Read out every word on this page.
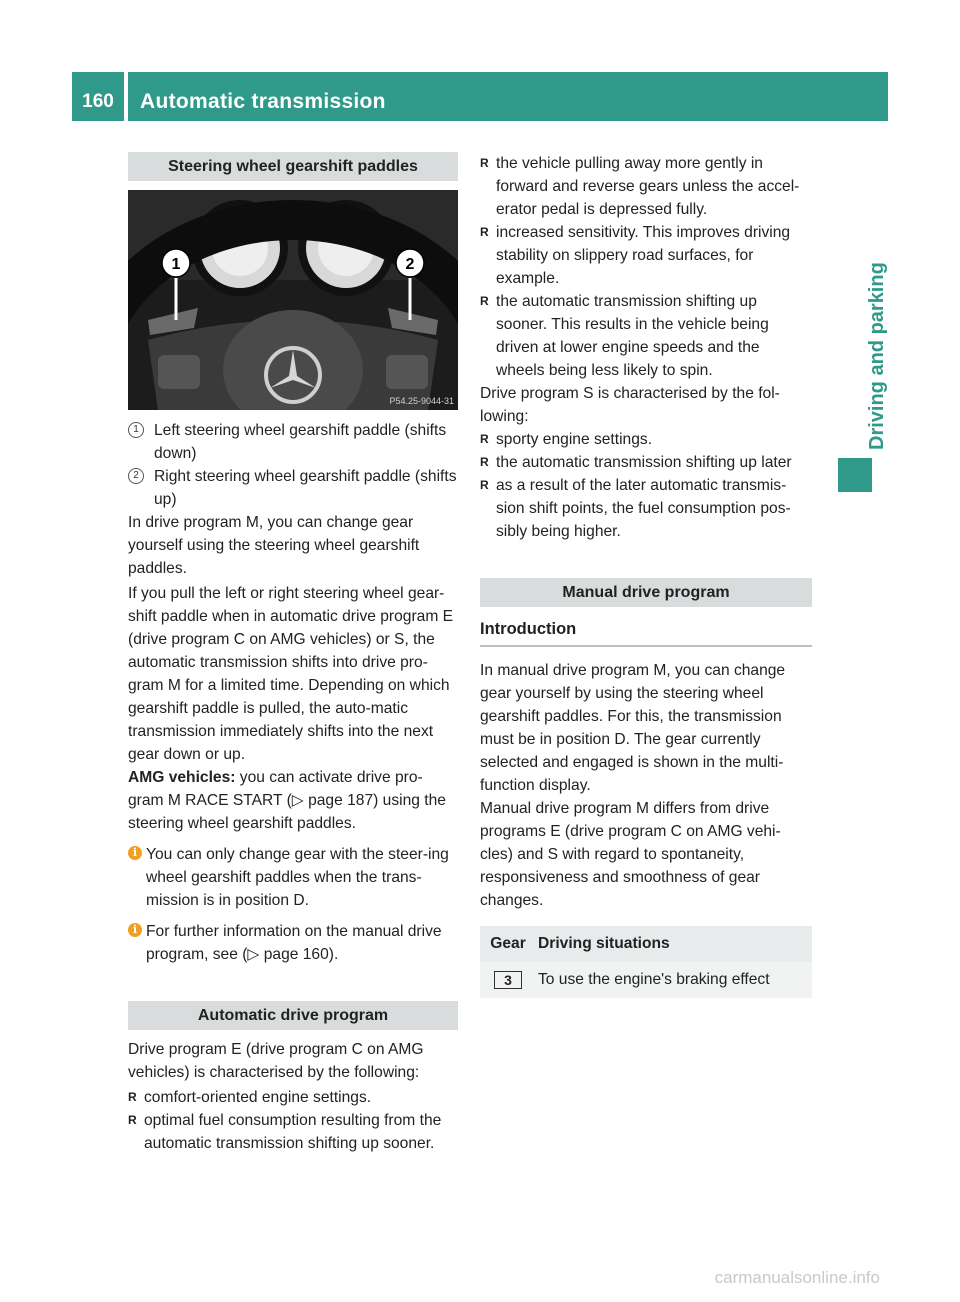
160	Automatic transmission
Driving and parking
Steering wheel gearshift paddles
1	2
P54.25-9044-31
1 Left steering wheel gearshift paddle (shifts down)
2 Right steering wheel gearshift paddle (shifts up)

In drive program M, you can change gear yourself using the steering wheel gearshift paddles.

If you pull the left or right steering wheel gear-shift paddle when in automatic drive program E (drive program C on AMG vehicles) or S, the automatic transmission shifts into drive pro-gram M for a limited time. Depending on which gearshift paddle is pulled, the auto-matic transmission immediately shifts into the next gear down or up.

AMG vehicles: you can activate drive pro-gram M RACE START (▷ page 187) using the steering wheel gearshift paddles.

i You can only change gear with the steer-ing wheel gearshift paddles when the trans-mission is in position D.
i For further information on the manual drive program, see (▷ page 160).
Automatic drive program

Drive program E (drive program C on AMG vehicles) is characterised by the following:

R comfort-oriented engine settings.
R optimal fuel consumption resulting from the automatic transmission shifting up sooner.
R the vehicle pulling away more gently in forward and reverse gears unless the accel-erator pedal is depressed fully.
R increased sensitivity. This improves driving stability on slippery road surfaces, for example.
R the automatic transmission shifting up sooner. This results in the vehicle being driven at lower engine speeds and the wheels being less likely to spin.

Drive program S is characterised by the fol-lowing:

R sporty engine settings.
R the automatic transmission shifting up later
R as a result of the later automatic transmis-sion shift points, the fuel consumption pos-sibly being higher.
Manual drive program
Introduction

In manual drive program M, you can change gear yourself by using the steering wheel gearshift paddles. For this, the transmission must be in position D. The gear currently selected and engaged is shown in the multi-function display.

Manual drive program M differs from drive programs E (drive program C on AMG vehi-cles) and S with regard to spontaneity, responsiveness and smoothness of gear changes.

Gear	Driving situations
3	To use the engine's braking effect
carmanualsonline.info
